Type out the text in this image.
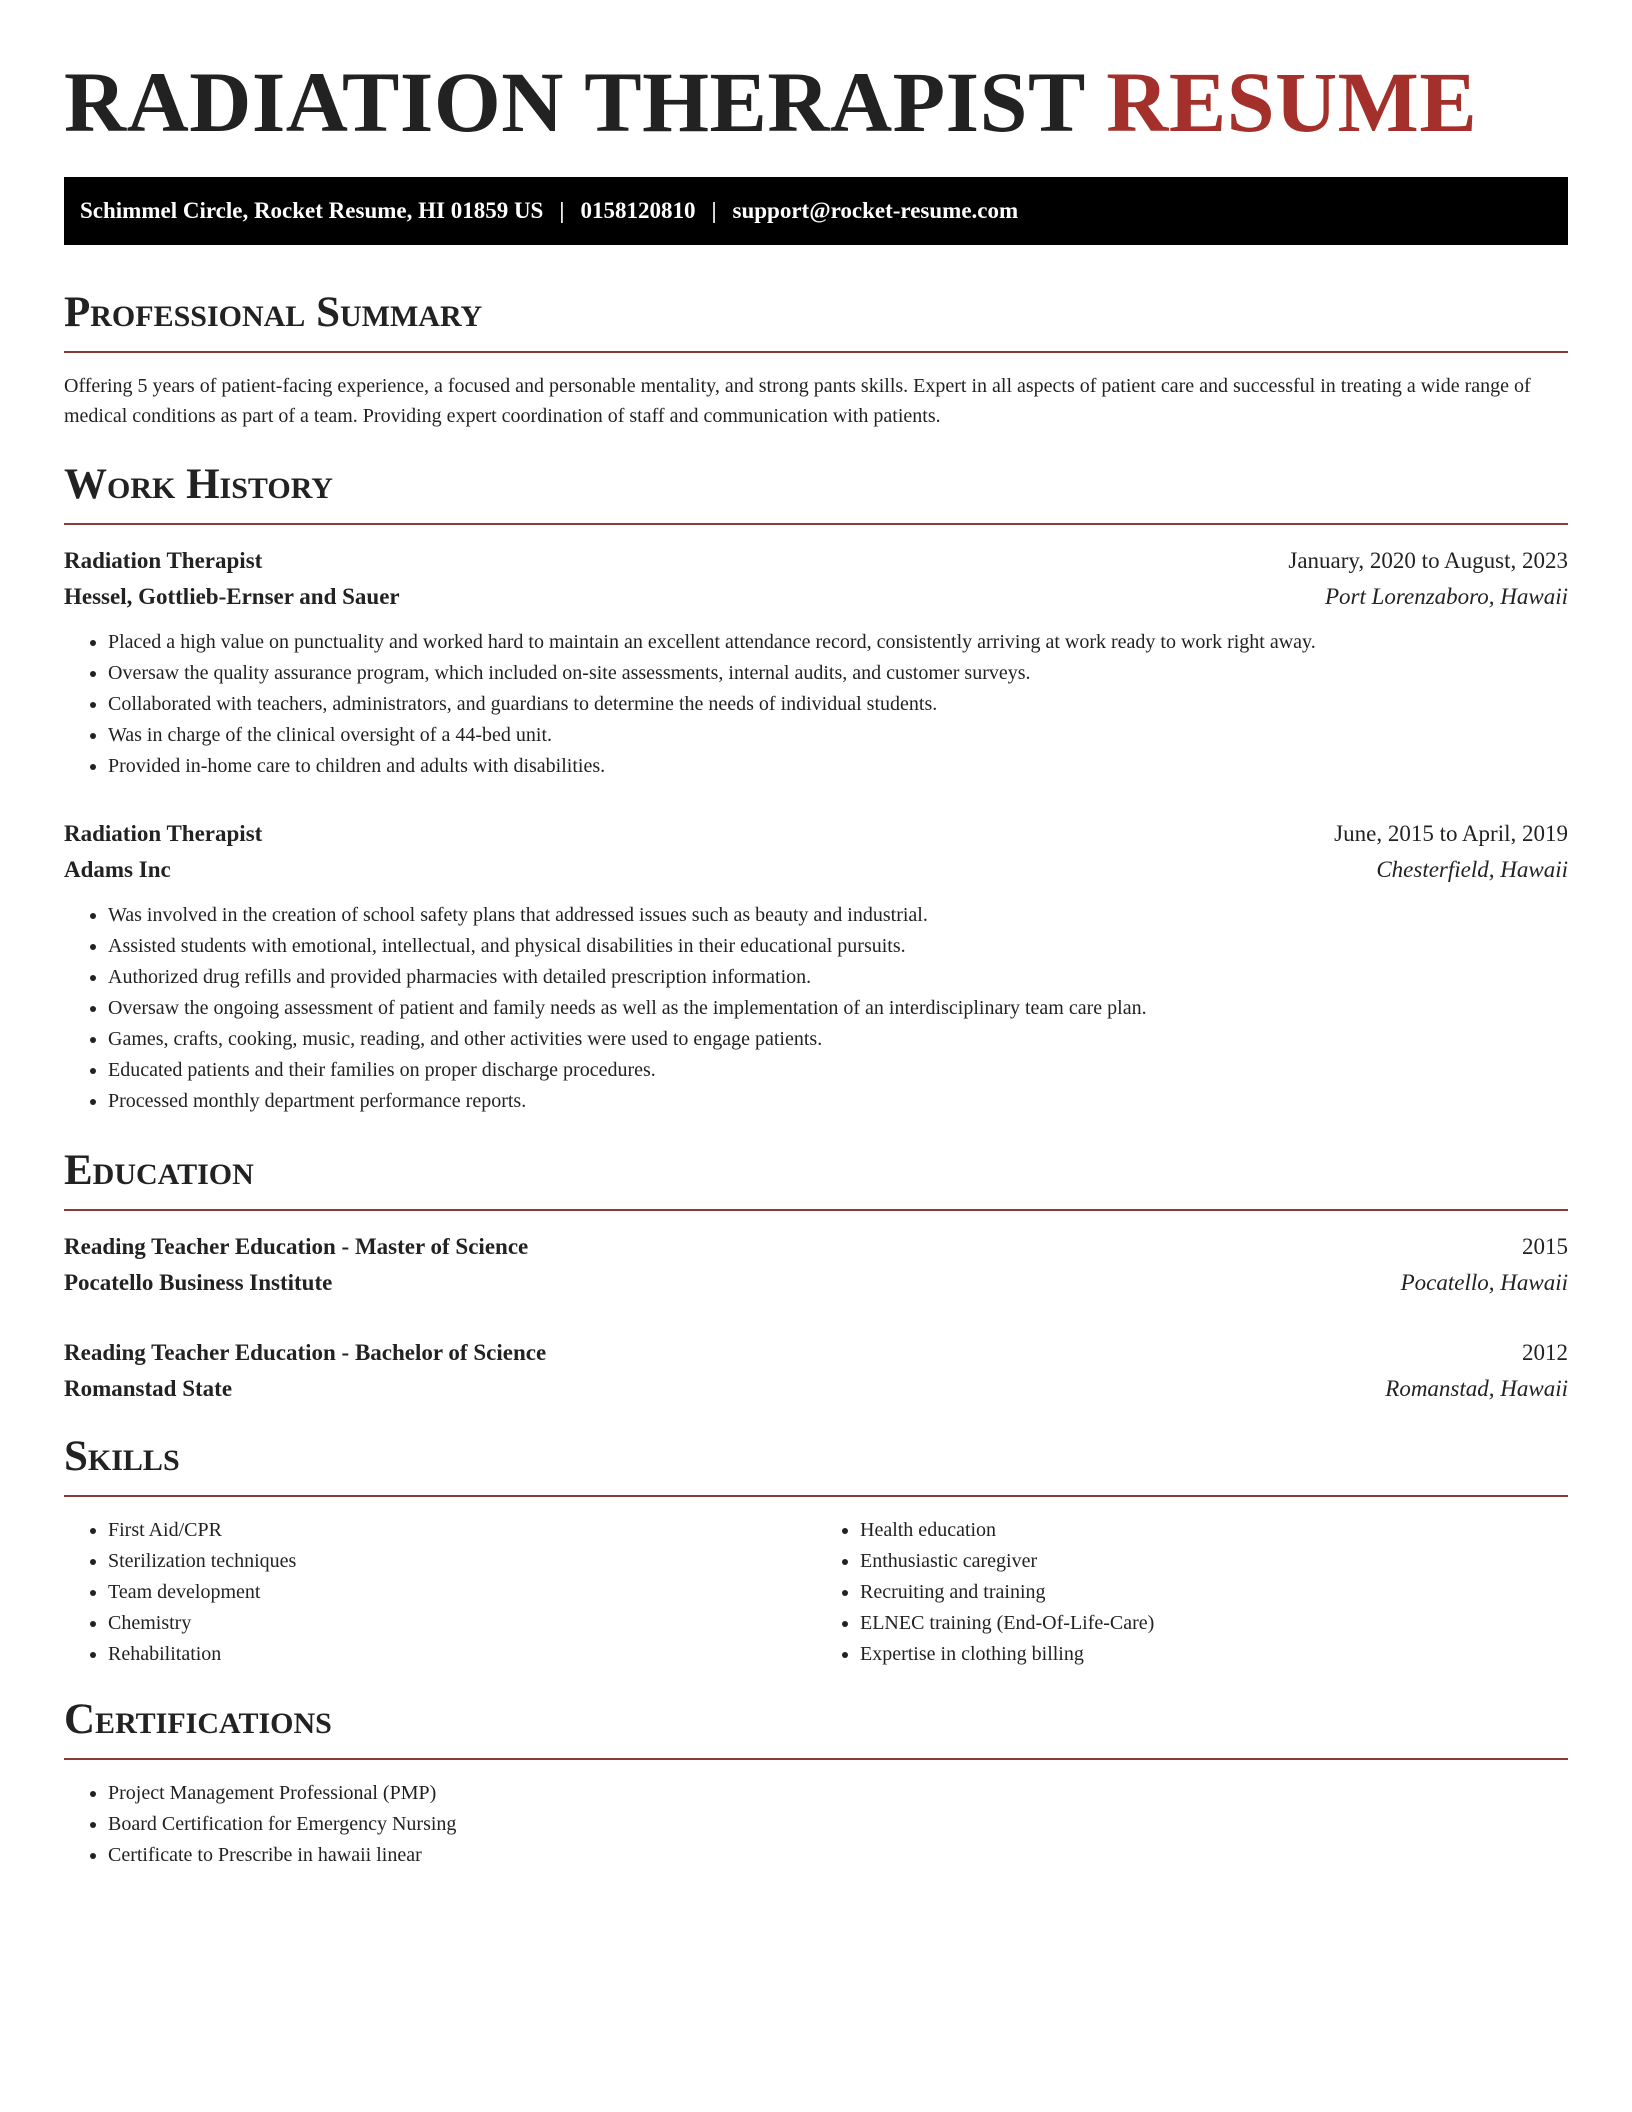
RADIATION THERAPIST RESUME
Schimmel Circle, Rocket Resume, HI 01859 US | 0158120810 | support@rocket-resume.com
Professional Summary

Offering 5 years of patient-facing experience, a focused and personable mentality, and strong pants skills. Expert in all aspects of patient care and successful in treating a wide range of medical conditions as part of a team. Providing expert coordination of staff and communication with patients.

Work History
Radiation Therapist	January, 2020 to August, 2023
Hessel, Gottlieb-Ernser and Sauer	Port Lorenzaboro, Hawaii
• Placed a high value on punctuality and worked hard to maintain an excellent attendance record, consistently arriving at work ready to work right away.
• Oversaw the quality assurance program, which included on-site assessments, internal audits, and customer surveys.
• Collaborated with teachers, administrators, and guardians to determine the needs of individual students.
• Was in charge of the clinical oversight of a 44-bed unit.
• Provided in-home care to children and adults with disabilities.
Radiation Therapist	June, 2015 to April, 2019
Adams Inc	Chesterfield, Hawaii
• Was involved in the creation of school safety plans that addressed issues such as beauty and industrial.
• Assisted students with emotional, intellectual, and physical disabilities in their educational pursuits.
• Authorized drug refills and provided pharmacies with detailed prescription information.
• Oversaw the ongoing assessment of patient and family needs as well as the implementation of an interdisciplinary team care plan.
• Games, crafts, cooking, music, reading, and other activities were used to engage patients.
• Educated patients and their families on proper discharge procedures.
• Processed monthly department performance reports.
Education
Reading Teacher Education - Master of Science	2015
Pocatello Business Institute	Pocatello, Hawaii
Reading Teacher Education - Bachelor of Science	2012
Romanstad State	Romanstad, Hawaii
Skills
• First Aid/CPR
• Sterilization techniques
• Team development
• Chemistry
• Rehabilitation
• Health education
• Enthusiastic caregiver
• Recruiting and training
• ELNEC training (End-Of-Life-Care)
• Expertise in clothing billing
Certifications
• Project Management Professional (PMP)
• Board Certification for Emergency Nursing
• Certificate to Prescribe in hawaii linear
